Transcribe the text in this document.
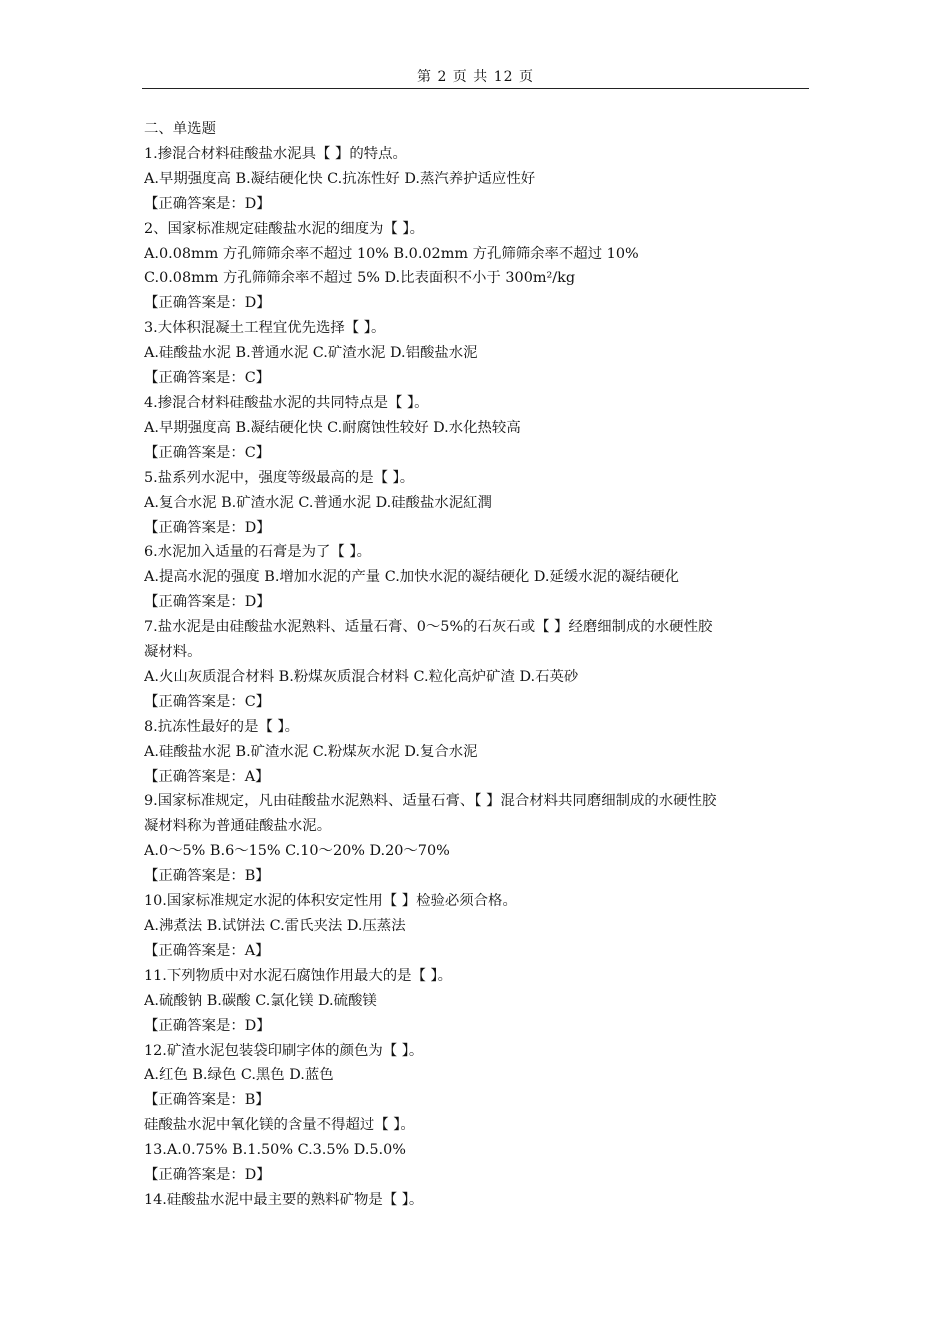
第 2 页 共 12 页
二、单选题
1.掺混合材料硅酸盐水泥具【 】的特点。
A.早期强度高 B.凝结硬化快 C.抗冻性好 D.蒸汽养护适应性好
【正确答案是：D】
2、国家标准规定硅酸盐水泥的细度为【 】。
A.0.08mm 方孔筛筛余率不超过 10% B.0.02mm 方孔筛筛余率不超过 10%
C.0.08mm 方孔筛筛余率不超过 5% D.比表面积不小于 300m²/kg
【正确答案是：D】
3.大体积混凝土工程宜优先选择【 】。
A.硅酸盐水泥 B.普通水泥 C.矿渣水泥 D.铝酸盐水泥
【正确答案是：C】
4.掺混合材料硅酸盐水泥的共同特点是【 】。
A.早期强度高 B.凝结硬化快 C.耐腐蚀性较好 D.水化热较高
【正确答案是：C】
5.盐系列水泥中，强度等级最高的是【 】。
A.复合水泥 B.矿渣水泥 C.普通水泥 D.硅酸盐水泥紅潤
【正确答案是：D】
6.水泥加入适量的石膏是为了【 】。
A.提高水泥的强度 B.增加水泥的产量 C.加快水泥的凝结硬化 D.延缓水泥的凝结硬化
【正确答案是：D】
7.盐水泥是由硅酸盐水泥熟料、适量石膏、0～5%的石灰石或【 】经磨细制成的水硬性胶
凝材料。
A.火山灰质混合材料 B.粉煤灰质混合材料 C.粒化高炉矿渣 D.石英砂
【正确答案是：C】
8.抗冻性最好的是【 】。
A.硅酸盐水泥 B.矿渣水泥 C.粉煤灰水泥 D.复合水泥
【正确答案是：A】
9.国家标准规定，凡由硅酸盐水泥熟料、适量石膏、【 】混合材料共同磨细制成的水硬性胶
凝材料称为普通硅酸盐水泥。
A.0～5% B.6～15% C.10～20% D.20～70%
【正确答案是：B】
10.国家标准规定水泥的体积安定性用【 】检验必须合格。
A.沸煮法 B.试饼法 C.雷氏夹法 D.压蒸法
【正确答案是：A】
11.下列物质中对水泥石腐蚀作用最大的是【 】。
A.硫酸钠 B.碳酸 C.氯化镁 D.硫酸镁
【正确答案是：D】
12.矿渣水泥包装袋印刷字体的颜色为【 】。
A.红色 B.绿色 C.黑色 D.蓝色
【正确答案是：B】
硅酸盐水泥中氧化镁的含量不得超过【 】。
13.A.0.75% B.1.50% C.3.5% D.5.0%
【正确答案是：D】
14.硅酸盐水泥中最主要的熟料矿物是【 】。
